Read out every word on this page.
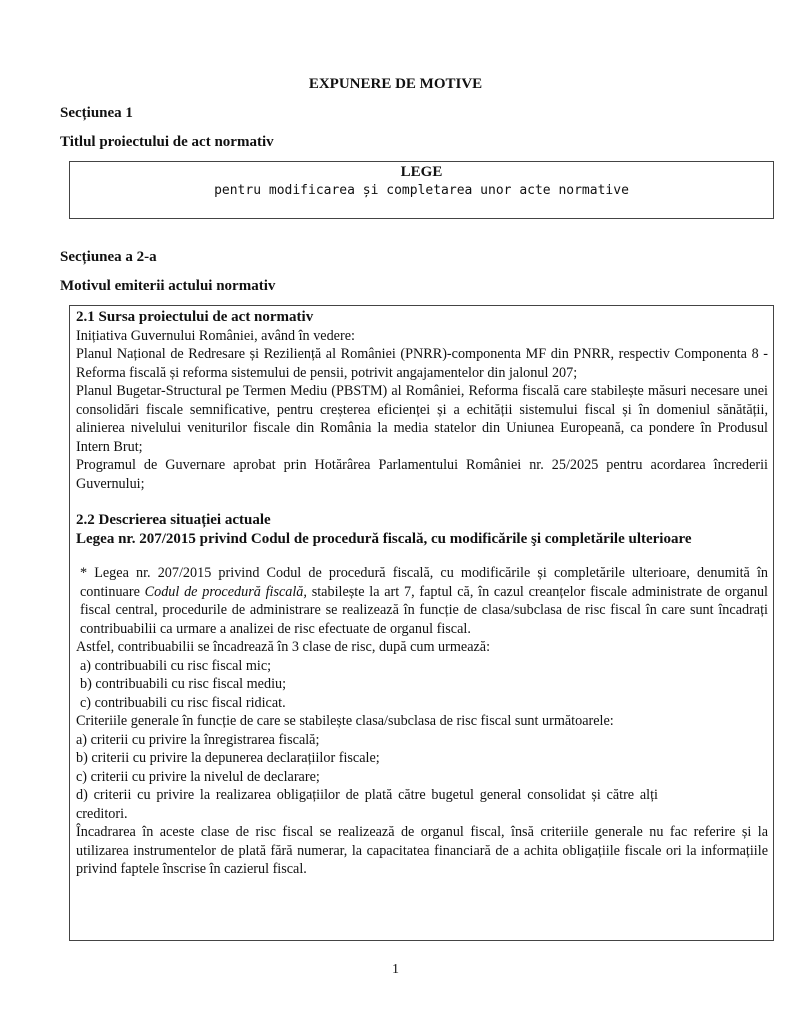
EXPUNERE DE MOTIVE
Secțiunea 1
Titlul proiectului de act normativ
LEGE
pentru modificarea și completarea unor acte normative
Secțiunea a 2-a
Motivul emiterii actului normativ

2.1 Sursa proiectului de act normativ

Inițiativa Guvernului României, având în vedere:

Planul Național de Redresare și Reziliență al României (PNRR)-componenta MF din PNRR, respectiv Componenta 8 - Reforma fiscală și reforma sistemului de pensii, potrivit angajamentelor din jalonul 207;

Planul Bugetar-Structural pe Termen Mediu (PBSTM) al României, Reforma fiscală care stabilește măsuri necesare unei consolidări fiscale semnificative, pentru creșterea eficienței și a echității sistemului fiscal și în domeniul sănătății, alinierea nivelului veniturilor fiscale din România la media statelor din Uniunea Europeană, ca pondere în Produsul Intern Brut;

Programul de Guvernare aprobat prin Hotărârea Parlamentului României nr. 25/2025 pentru acordarea încrederii Guvernului;

2.2 Descrierea situației actuale

Legea nr. 207/2015 privind Codul de procedură fiscală, cu modificările şi completările ulterioare

* Legea nr. 207/2015 privind Codul de procedură fiscală, cu modificările și completările ulterioare, denumită în continuare Codul de procedură fiscală, stabilește la art 7, faptul că, în cazul creanțelor fiscale administrate de organul fiscal central, procedurile de administrare se realizează în funcție de clasa/subclasa de risc fiscal în care sunt încadrați contribuabilii ca urmare a analizei de risc efectuate de organul fiscal.

Astfel, contribuabilii se încadrează în 3 clase de risc, după cum urmează:

a) contribuabili cu risc fiscal mic;

b) contribuabili cu risc fiscal mediu;

c) contribuabili cu risc fiscal ridicat.

Criteriile generale în funcție de care se stabilește clasa/subclasa de risc fiscal sunt următoarele:

a) criterii cu privire la înregistrarea fiscală;

b) criterii cu privire la depunerea declarațiilor fiscale;

c) criterii cu privire la nivelul de declarare;

d) criterii cu privire la realizarea obligațiilor de plată către bugetul general consolidat și către alți creditori.

Încadrarea în aceste clase de risc fiscal se realizează de organul fiscal, însă criteriile generale nu fac referire și la utilizarea instrumentelor de plată fără numerar, la capacitatea financiară de a achita obligațiile fiscale ori la informațiile privind faptele înscrise în cazierul fiscal.

1
